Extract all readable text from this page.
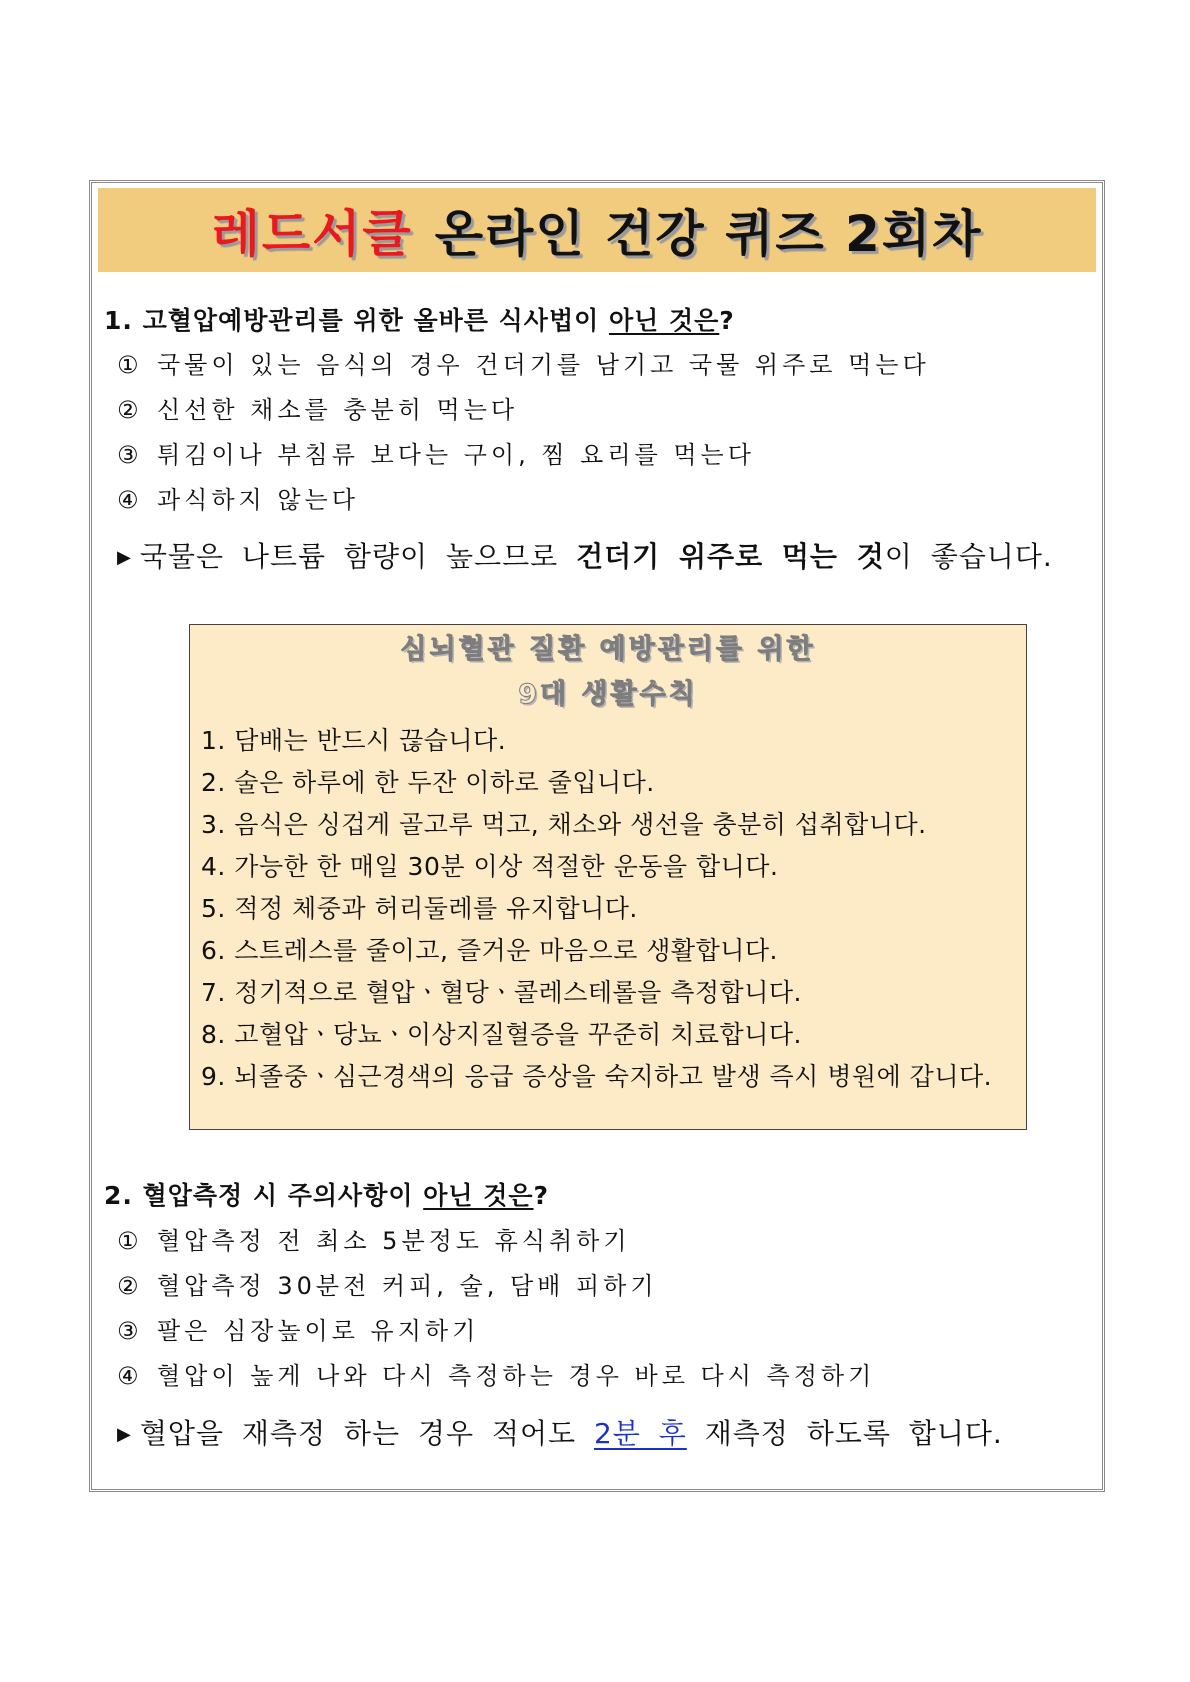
레드서클 온라인 건강 퀴즈 2회차
1. 고혈압예방관리를 위한 올바른 식사법이 아닌 것은?
① 국물이 있는 음식의 경우 건더기를 남기고 국물 위주로 먹는다
② 신선한 채소를 충분히 먹는다
③ 튀김이나 부침류 보다는 구이, 찜 요리를 먹는다
④ 과식하지 않는다
▶ 국물은 나트륨 함량이 높으므로 건더기 위주로 먹는 것이 좋습니다.
심뇌혈관 질환 예방관리를 위한
9대 생활수칙
1. 담배는 반드시 끊습니다.
2. 술은 하루에 한 두잔 이하로 줄입니다.
3. 음식은 싱겁게 골고루 먹고, 채소와 생선을 충분히 섭취합니다.
4. 가능한 한 매일 30분 이상 적절한 운동을 합니다.
5. 적정 체중과 허리둘레를 유지합니다.
6. 스트레스를 줄이고, 즐거운 마음으로 생활합니다.
7. 정기적으로 혈압ㆍ혈당ㆍ콜레스테롤을 측정합니다.
8. 고혈압ㆍ당뇨ㆍ이상지질혈증을 꾸준히 치료합니다.
9. 뇌졸중ㆍ심근경색의 응급 증상을 숙지하고 발생 즉시 병원에 갑니다.
2. 혈압측정 시 주의사항이 아닌 것은?
① 혈압측정 전 최소 5분정도 휴식취하기
② 혈압측정 30분전 커피, 술, 담배 피하기
③ 팔은 심장높이로 유지하기
④ 혈압이 높게 나와 다시 측정하는 경우 바로 다시 측정하기
▶ 혈압을 재측정 하는 경우 적어도 2분 후 재측정 하도록 합니다.
